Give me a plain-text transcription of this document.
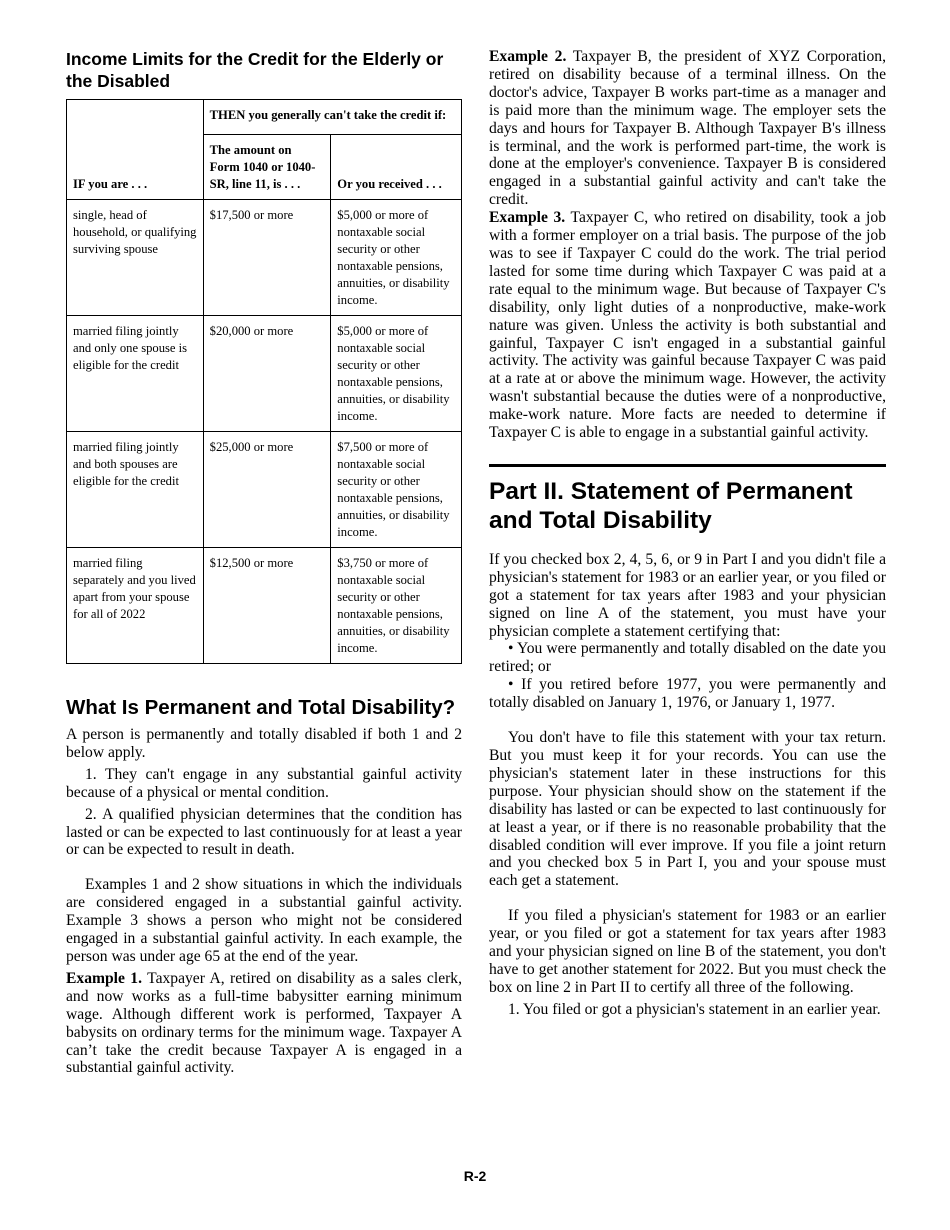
Income Limits for the Credit for the Elderly or the Disabled
IF you are . . .	THEN you generally can't take the credit if:	
	The amount on Form 1040 or 1040-SR, line 11, is . . .	Or you received . . .
single, head of household, or qualifying surviving spouse	$17,500 or more	$5,000 or more of nontaxable social security or other nontaxable pensions, annuities, or disability income.
married filing jointly and only one spouse is eligible for the credit	$20,000 or more	$5,000 or more of nontaxable social security or other nontaxable pensions, annuities, or disability income.
married filing jointly and both spouses are eligible for the credit	$25,000 or more	$7,500 or more of nontaxable social security or other nontaxable pensions, annuities, or disability income.
married filing separately and you lived apart from your spouse for all of 2022	$12,500 or more	$3,750 or more of nontaxable social security or other nontaxable pensions, annuities, or disability income.
What Is Permanent and Total Disability?

A person is permanently and totally disabled if both 1 and 2 below apply.

1. They can't engage in any substantial gainful activity because of a physical or mental condition.

2. A qualified physician determines that the condition has lasted or can be expected to last continuously for at least a year or can be expected to result in death.

Examples 1 and 2 show situations in which the individuals are considered engaged in a substantial gainful activity. Example 3 shows a person who might not be considered engaged in a substantial gainful activity. In each example, the person was under age 65 at the end of the year.

Example 1. Taxpayer A, retired on disability as a sales clerk, and now works as a full-time babysitter earning minimum wage. Although different work is performed, Taxpayer A babysits on ordinary terms for the minimum wage. Taxpayer A can’t take the credit because Taxpayer A is engaged in a substantial gainful activity.

Example 2. Taxpayer B, the president of XYZ Corporation, retired on disability because of a terminal illness. On the doctor's advice, Taxpayer B works part-time as a manager and is paid more than the minimum wage. The employer sets the days and hours for Taxpayer B. Although Taxpayer B's illness is terminal, and the work is performed part-time, the work is done at the employer's convenience. Taxpayer B is considered engaged in a substantial gainful activity and can't take the credit.

Example 3. Taxpayer C, who retired on disability, took a job with a former employer on a trial basis. The purpose of the job was to see if Taxpayer C could do the work. The trial period lasted for some time during which Taxpayer C was paid at a rate equal to the minimum wage. But because of Taxpayer C's disability, only light duties of a nonproductive, make-work nature was given. Unless the activity is both substantial and gainful, Taxpayer C isn't engaged in a substantial gainful activity. The activity was gainful because Taxpayer C was paid at a rate at or above the minimum wage. However, the activity wasn't substantial because the duties were of a nonproductive, make-work nature. More facts are needed to determine if Taxpayer C is able to engage in a substantial gainful activity.

Part II. Statement of Permanent and Total Disability

If you checked box 2, 4, 5, 6, or 9 in Part I and you didn't file a physician's statement for 1983 or an earlier year, or you filed or got a statement for tax years after 1983 and your physician signed on line A of the statement, you must have your physician complete a statement certifying that:

• You were permanently and totally disabled on the date you retired; or

• If you retired before 1977, you were permanently and totally disabled on January 1, 1976, or January 1, 1977.

You don't have to file this statement with your tax return. But you must keep it for your records. You can use the physician's statement later in these instructions for this purpose. Your physician should show on the statement if the disability has lasted or can be expected to last continuously for at least a year, or if there is no reasonable probability that the disabled condition will ever improve. If you file a joint return and you checked box 5 in Part I, you and your spouse must each get a statement.

If you filed a physician's statement for 1983 or an earlier year, or you filed or got a statement for tax years after 1983 and your physician signed on line B of the statement, you don't have to get another statement for 2022. But you must check the box on line 2 in Part II to certify all three of the following.

1. You filed or got a physician's statement in an earlier year.

R-2
